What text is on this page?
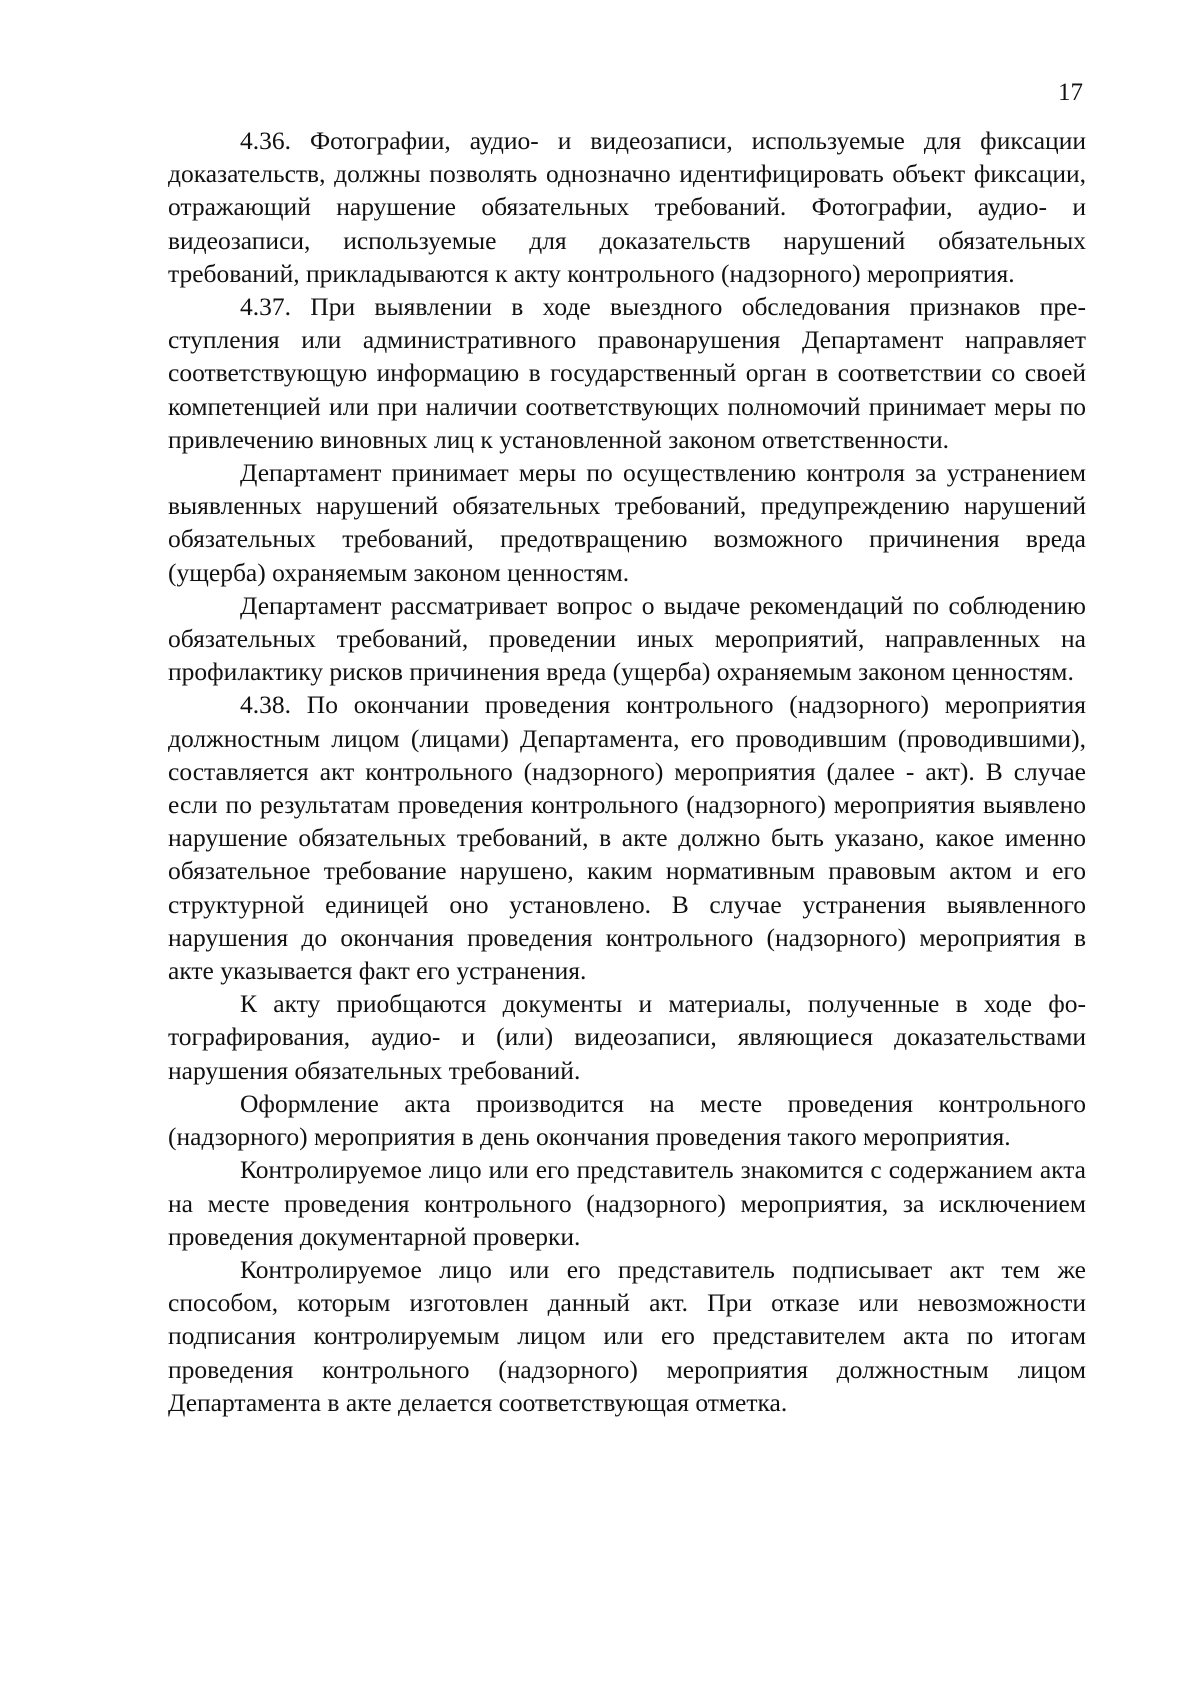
17

4.36. Фотографии, аудио- и видеозаписи, используемые для фиксации доказательств, должны позволять однозначно идентифицировать объект фиксации, отражающий нарушение обязательных требований. Фотографии, аудио- и видеозаписи, используемые для доказательств нарушений обязательных требований, прикладываются к акту контрольного (надзорного) мероприятия.

4.37. При выявлении в ходе выездного обследования признаков преступления или административного правонарушения Департамент направляет соответствующую информацию в государственный орган в соответствии со своей компетенцией или при наличии соответствующих полномочий принимает меры по привлечению виновных лиц к установленной законом ответственности.

Департамент принимает меры по осуществлению контроля за устранением выявленных нарушений обязательных требований, предупреждению нарушений обязательных требований, предотвращению возможного причинения вреда (ущерба) охраняемым законом ценностям.

Департамент рассматривает вопрос о выдаче рекомендаций по соблюдению обязательных требований, проведении иных мероприятий, направленных на профилактику рисков причинения вреда (ущерба) охраняемым законом ценностям.

4.38. По окончании проведения контрольного (надзорного) мероприятия должностным лицом (лицами) Департамента, его проводившим (проводившими), составляется акт контрольного (надзорного) мероприятия (далее - акт). В случае если по результатам проведения контрольного (надзорного) мероприятия выявлено нарушение обязательных требований, в акте должно быть указано, какое именно обязательное требование нарушено, каким нормативным правовым актом и его структурной единицей оно установлено. В случае устранения выявленного нарушения до окончания проведения контрольного (надзорного) мероприятия в акте указывается факт его устранения.

К акту приобщаются документы и материалы, полученные в ходе фотографирования, аудио- и (или) видеозаписи, являющиеся доказательствами нарушения обязательных требований.

Оформление акта производится на месте проведения контрольного (надзорного) мероприятия в день окончания проведения такого мероприятия.

Контролируемое лицо или его представитель знакомится с содержанием акта на месте проведения контрольного (надзорного) мероприятия, за исключением проведения документарной проверки.

Контролируемое лицо или его представитель подписывает акт тем же способом, которым изготовлен данный акт. При отказе или невозможности подписания контролируемым лицом или его представителем акта по итогам проведения контрольного (надзорного) мероприятия должностным лицом Департамента в акте делается соответствующая отметка.
